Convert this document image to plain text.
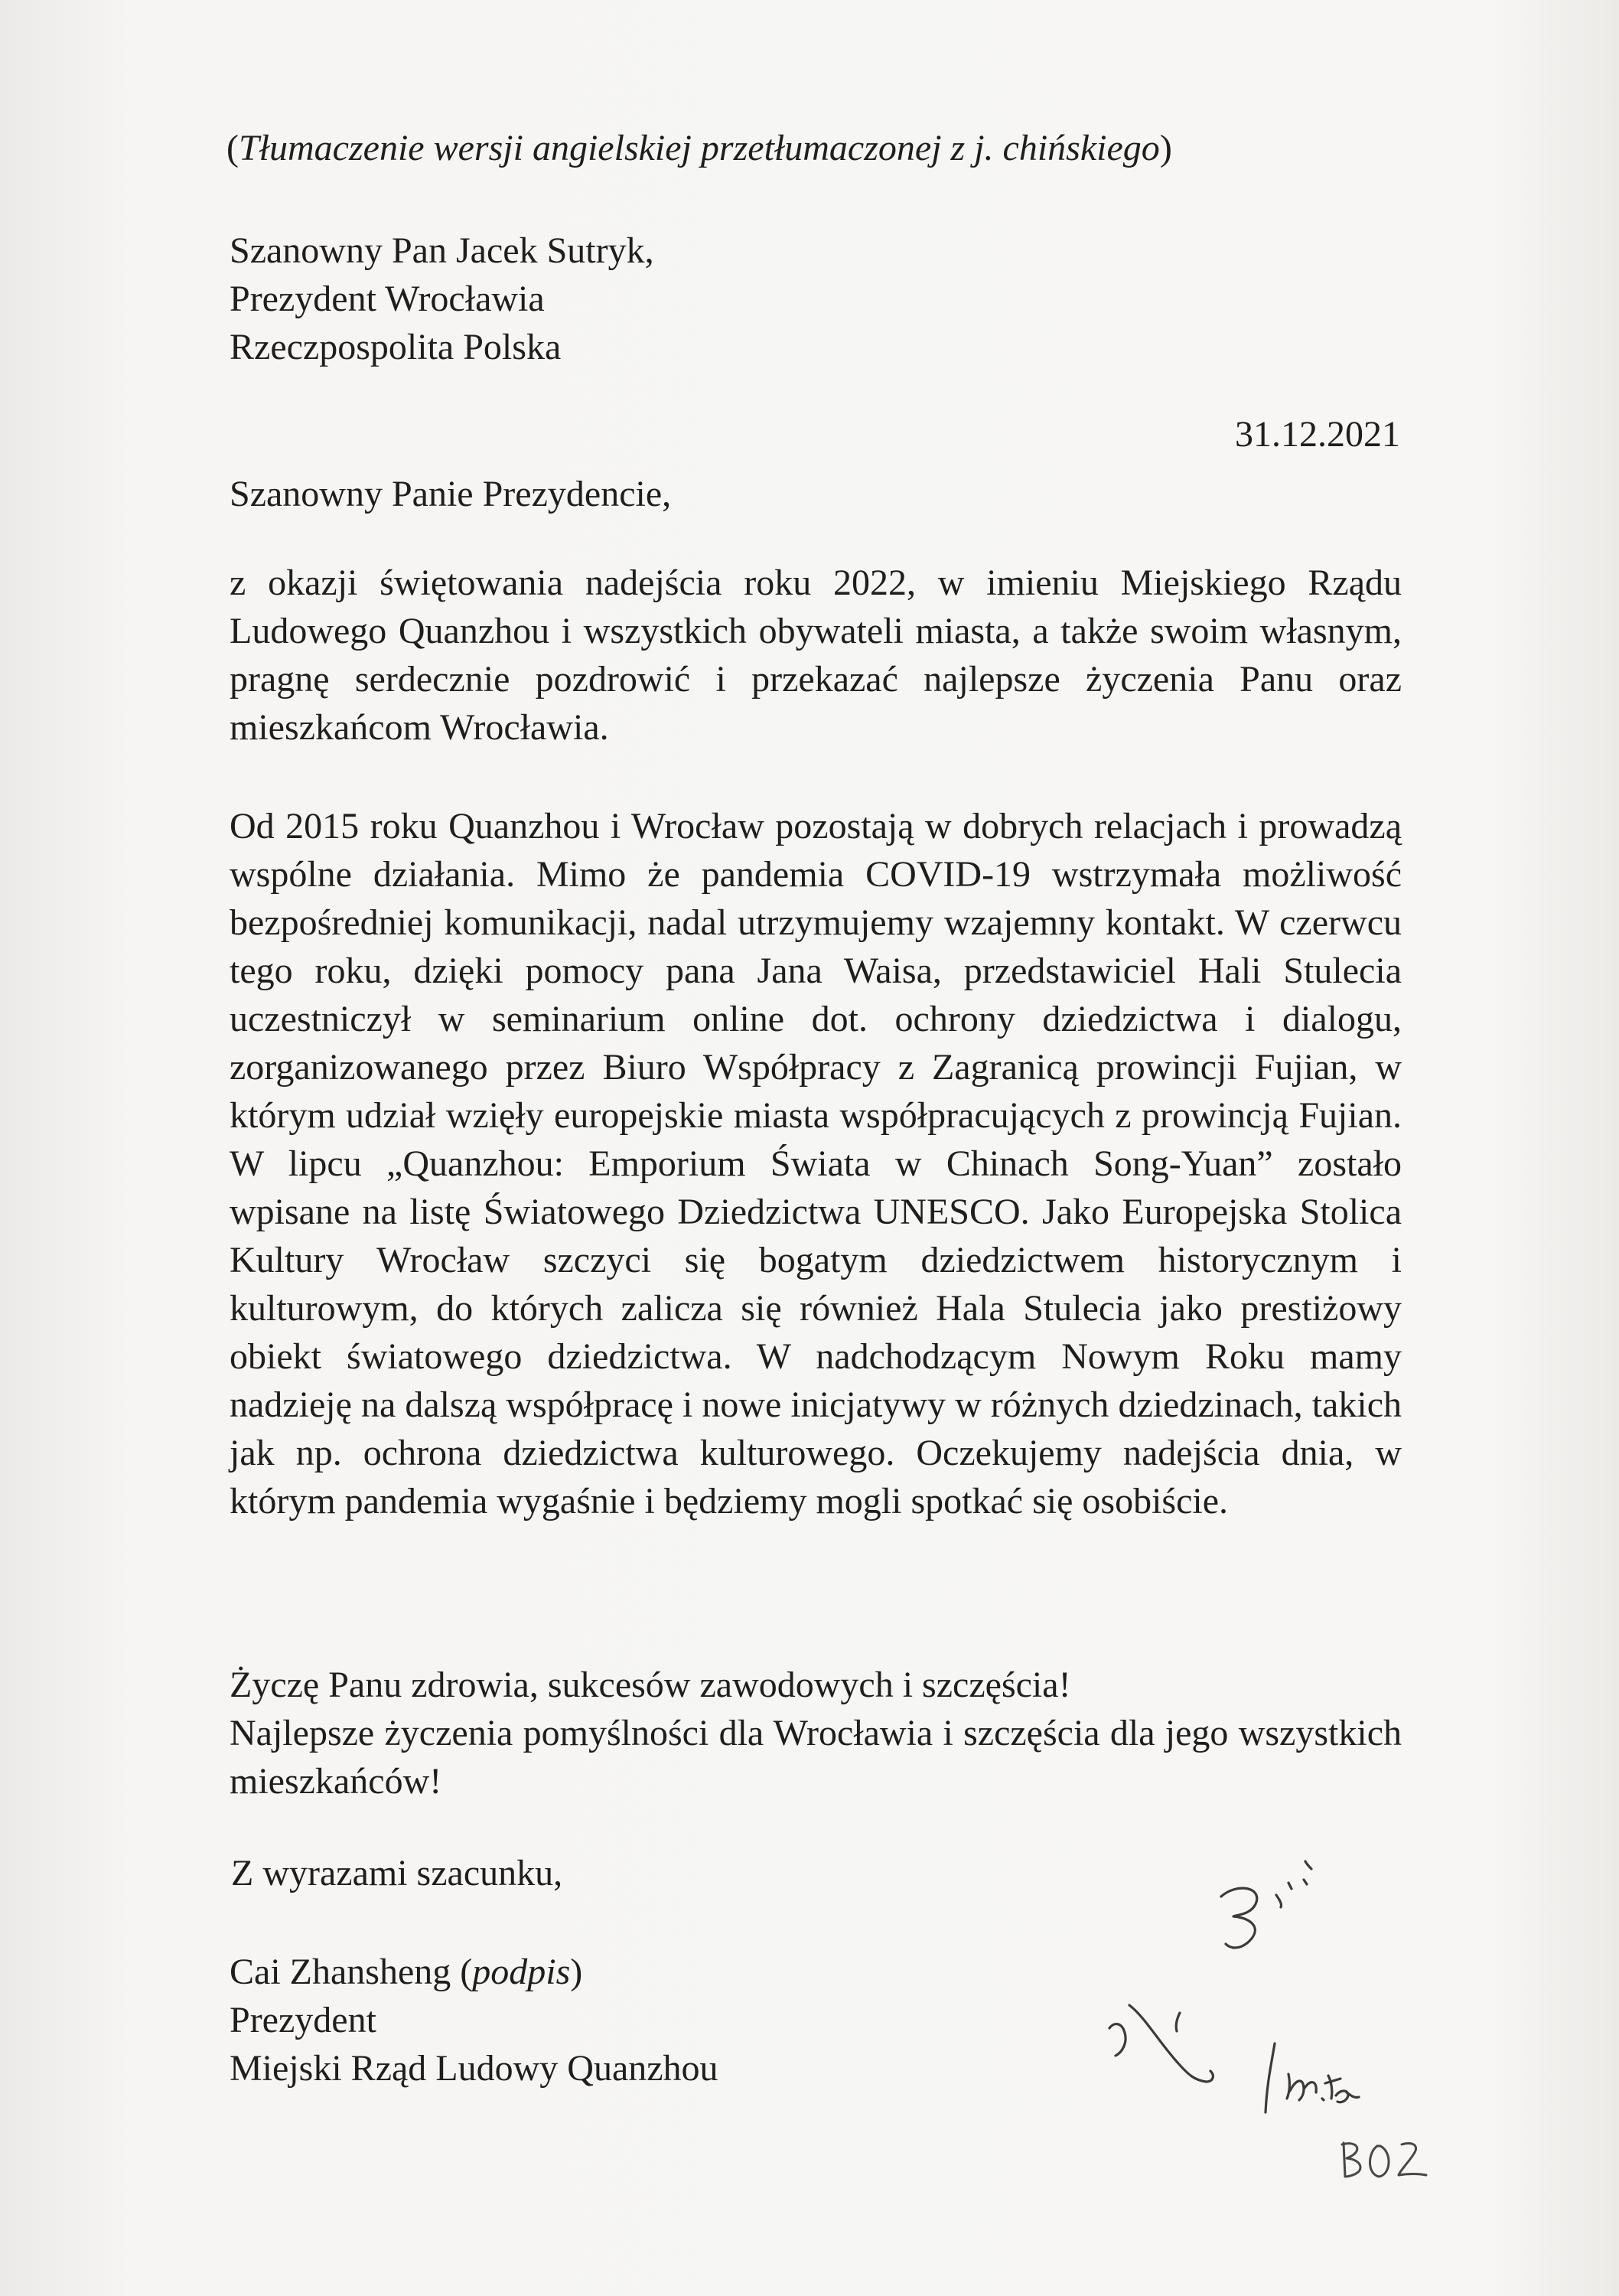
(Tłumaczenie wersji angielskiej przetłumaczonej z j. chińskiego)
Szanowny Pan Jacek Sutryk,
Prezydent Wrocławia
Rzeczpospolita Polska
31.12.2021
Szanowny Panie Prezydencie,
z okazji świętowania nadejścia roku 2022, w imieniu Miejskiego Rządu Ludowego Quanzhou i wszystkich obywateli miasta, a także swoim własnym, pragnę serdecznie pozdrowić i przekazać najlepsze życzenia Panu oraz mieszkańcom Wrocławia.
Od 2015 roku Quanzhou i Wrocław pozostają w dobrych relacjach i prowadzą wspólne działania. Mimo że pandemia COVID-19 wstrzymała możliwość bezpośredniej komunikacji, nadal utrzymujemy wzajemny kontakt. W czerwcu tego roku, dzięki pomocy pana Jana Waisa, przedstawiciel Hali Stulecia uczestniczył w seminarium online dot. ochrony dziedzictwa i dialogu, zorganizowanego przez Biuro Współpracy z Zagranicą prowincji Fujian, w którym udział wzięły europejskie miasta współpracujących z prowincją Fujian. W lipcu „Quanzhou: Emporium Świata w Chinach Song-Yuan” zostało wpisane na listę Światowego Dziedzictwa UNESCO. Jako Europejska Stolica Kultury Wrocław szczyci się bogatym dziedzictwem historycznym i kulturowym, do których zalicza się również Hala Stulecia jako prestiżowy obiekt światowego dziedzictwa. W nadchodzącym Nowym Roku mamy nadzieję na dalszą współpracę i nowe inicjatywy w różnych dziedzinach, takich jak np. ochrona dziedzictwa kulturowego. Oczekujemy nadejścia dnia, w którym pandemia wygaśnie i będziemy mogli spotkać się osobiście.
Życzę Panu zdrowia, sukcesów zawodowych i szczęścia!
Najlepsze życzenia pomyślności dla Wrocławia i szczęścia dla jego wszystkich mieszkańców!
Z wyrazami szacunku,
Cai Zhansheng (podpis)
Prezydent
Miejski Rząd Ludowy Quanzhou
